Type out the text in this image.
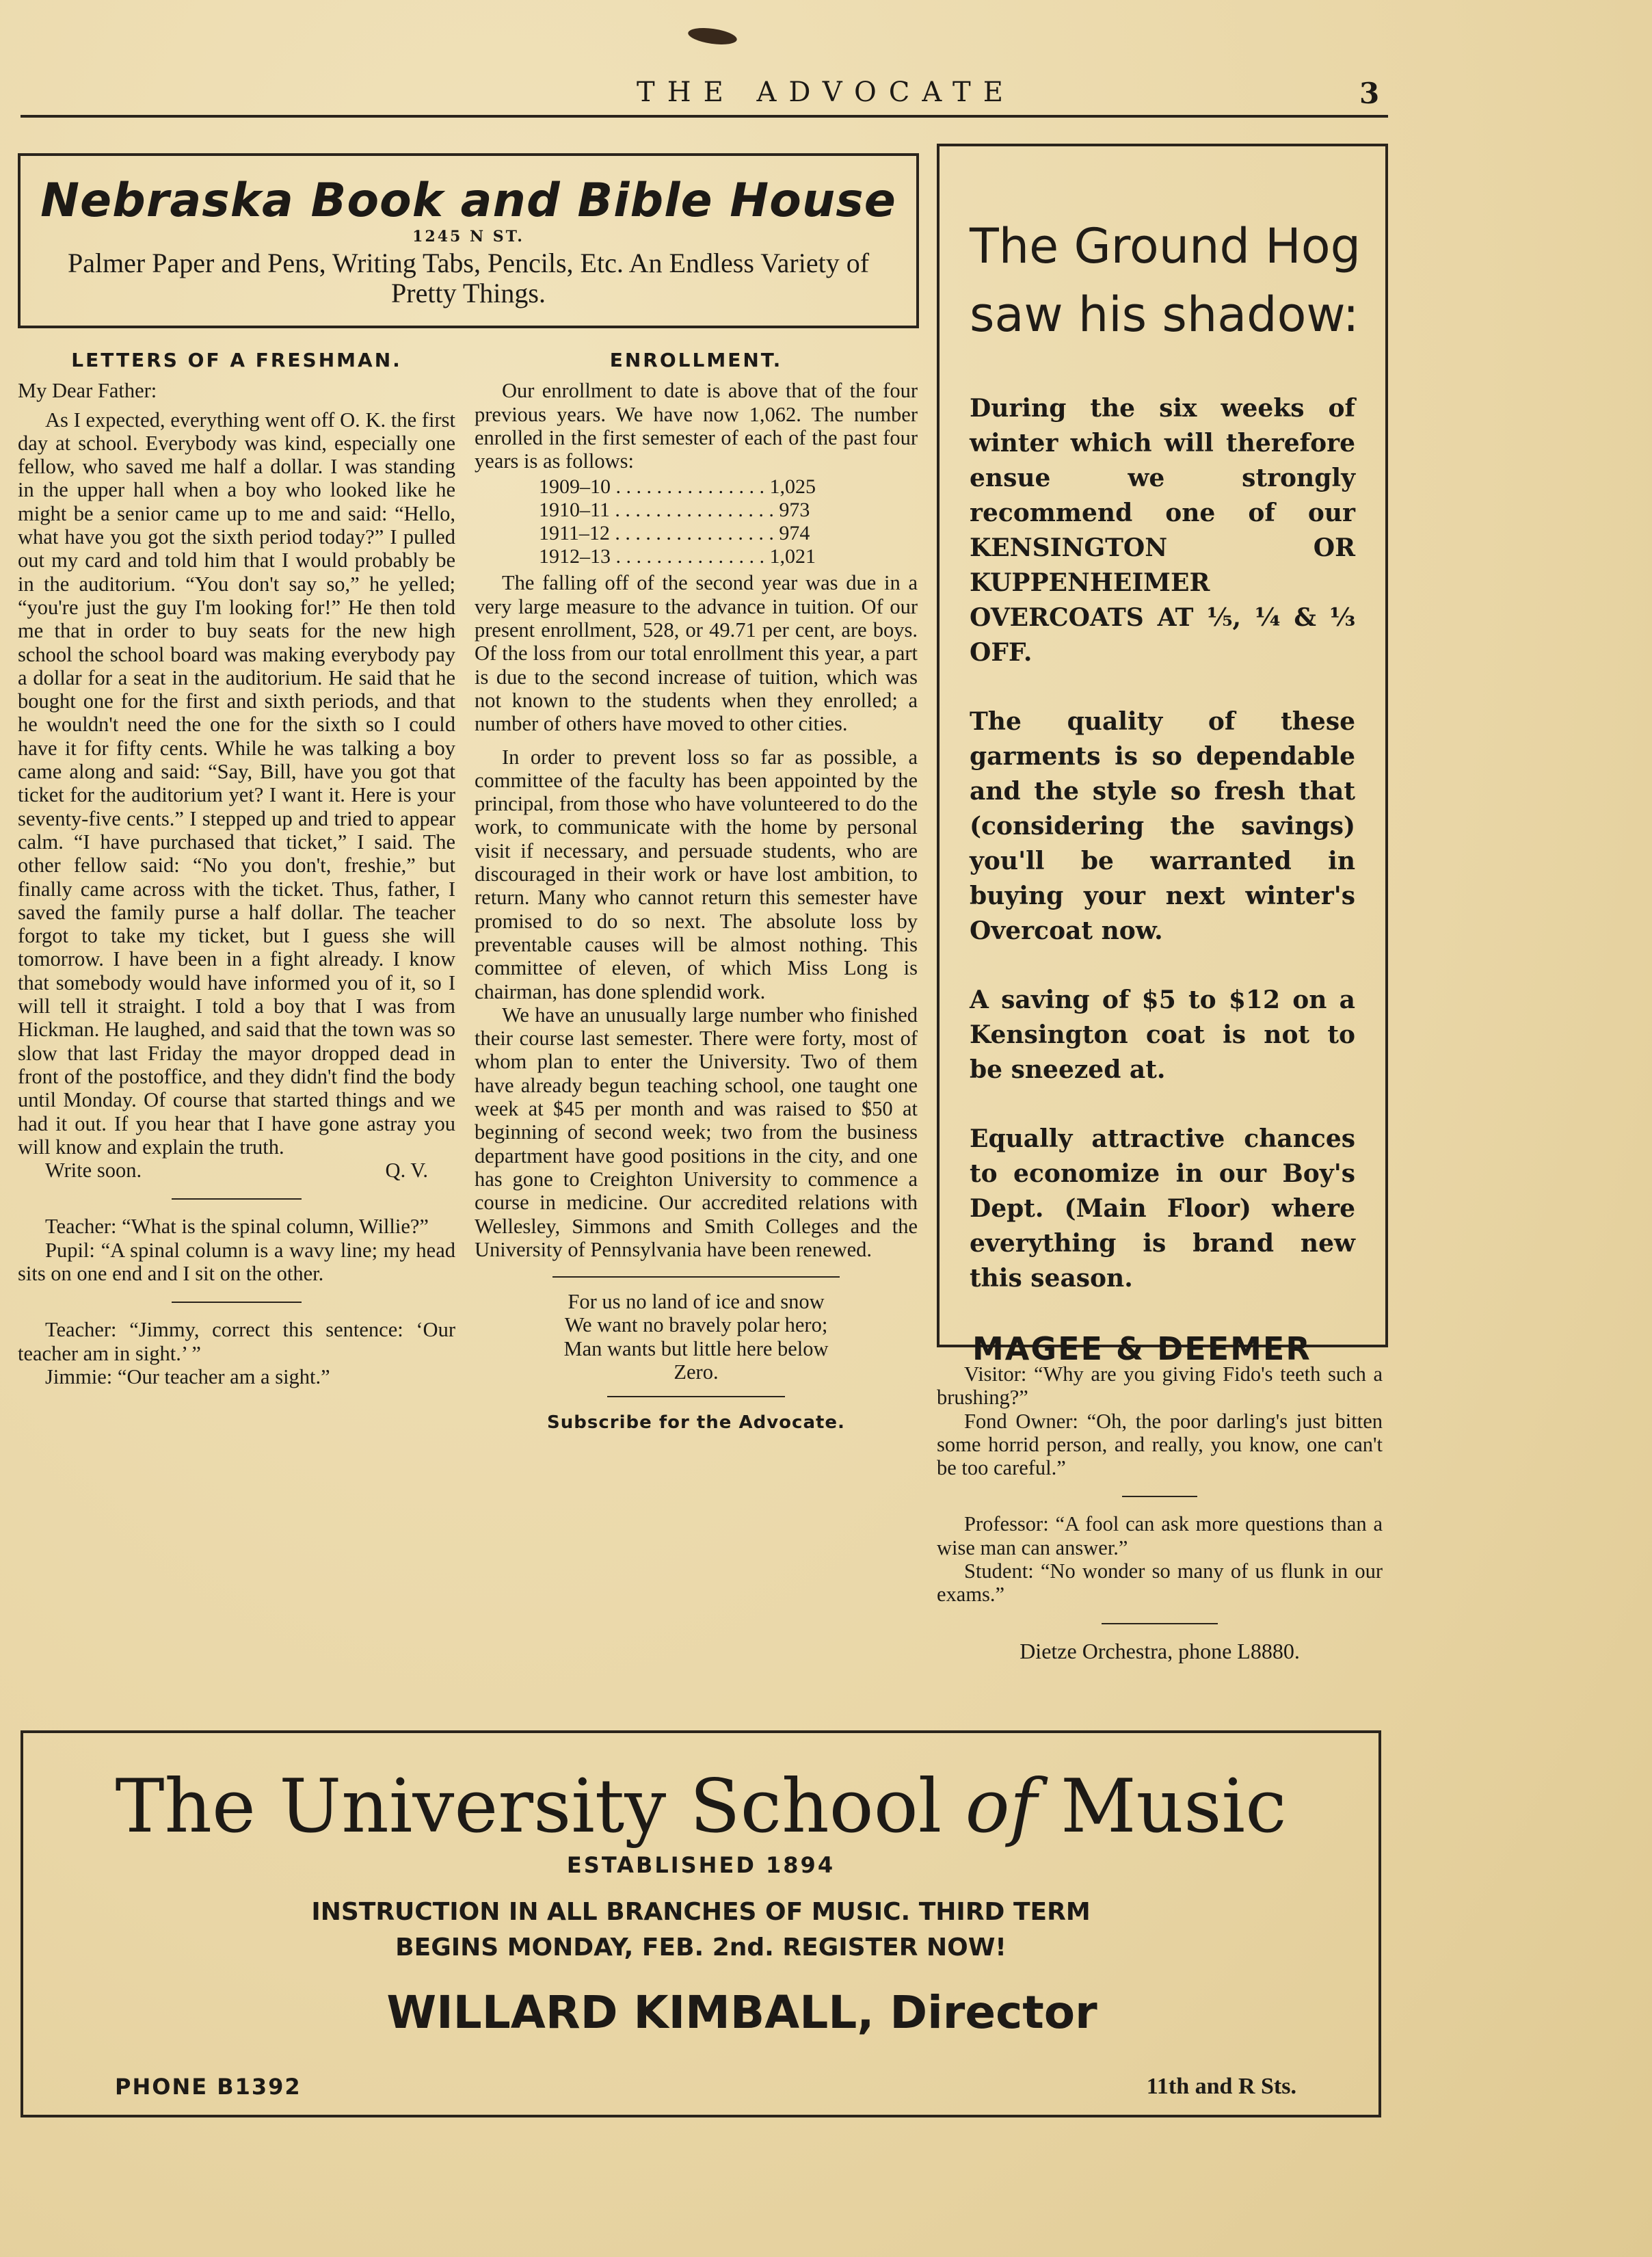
THE ADVOCATE	3
Nebraska Book and Bible House
1245 N ST.
Palmer Paper and Pens, Writing Tabs, Pencils, Etc. An Endless Variety of Pretty Things.
LETTERS OF A FRESHMAN.

My Dear Father:

As I expected, everything went off O. K. the first day at school. Everybody was kind, especially one fellow, who saved me half a dollar. I was standing in the upper hall when a boy who looked like he might be a senior came up to me and said: “Hello, what have you got the sixth period today?” I pulled out my card and told him that I would probably be in the auditorium. “You don't say so,” he yelled; “you're just the guy I'm looking for!” He then told me that in order to buy seats for the new high school the school board was making everybody pay a dollar for a seat in the auditorium. He said that he bought one for the first and sixth periods, and that he wouldn't need the one for the sixth so I could have it for fifty cents. While he was talking a boy came along and said: “Say, Bill, have you got that ticket for the auditorium yet? I want it. Here is your seventy-five cents.” I stepped up and tried to appear calm. “I have purchased that ticket,” I said. The other fellow said: “No you don't, freshie,” but finally came across with the ticket. Thus, father, I saved the family purse a half dollar. The teacher forgot to take my ticket, but I guess she will tomorrow. I have been in a fight already. I know that somebody would have informed you of it, so I will tell it straight. I told a boy that I was from Hickman. He laughed, and said that the town was so slow that last Friday the mayor dropped dead in front of the postoffice, and they didn't find the body until Monday. Of course that started things and we had it out. If you hear that I have gone astray you will know and explain the truth.

Write soon.	Q. V.

Teacher: “What is the spinal column, Willie?”

Pupil: “A spinal column is a wavy line; my head sits on one end and I sit on the other.

Teacher: “Jimmy, correct this sentence: ‘Our teacher am in sight.’ ”

Jimmie: “Our teacher am a sight.”

ENROLLMENT.

Our enrollment to date is above that of the four previous years. We have now 1,062. The number enrolled in the first semester of each of the past four years is as follows:

1909–10 . . . . . . . . . . . . . . . 1,025
1910–11 . . . . . . . . . . . . . . . . 973
1911–12 . . . . . . . . . . . . . . . . 974
1912–13 . . . . . . . . . . . . . . . 1,021

The falling off of the second year was due in a very large measure to the advance in tuition. Of our present enrollment, 528, or 49.71 per cent, are boys. Of the loss from our total enrollment this year, a part is due to the second increase of tuition, which was not known to the students when they enrolled; a number of others have moved to other cities.

In order to prevent loss so far as possible, a committee of the faculty has been appointed by the principal, from those who have volunteered to do the work, to communicate with the home by personal visit if necessary, and persuade students, who are discouraged in their work or have lost ambition, to return. Many who cannot return this semester have promised to do so next. The absolute loss by preventable causes will be almost nothing. This committee of eleven, of which Miss Long is chairman, has done splendid work.

We have an unusually large number who finished their course last semester. There were forty, most of whom plan to enter the University. Two of them have already begun teaching school, one taught one week at $45 per month and was raised to $50 at beginning of second week; two from the business department have good positions in the city, and one has gone to Creighton University to commence a course in medicine. Our accredited relations with Wellesley, Simmons and Smith Colleges and the University of Pennsylvania have been renewed.

For us no land of ice and snow
We want no bravely polar hero;
Man wants but little here below
Zero.
Subscribe for the Advocate.
The Ground Hog
saw his shadow:

During the six weeks of winter which will therefore ensue we strongly recommend one of our KENSINGTON OR KUPPENHEIMER OVERCOATS AT ⅕, ¼ & ⅓ OFF.

The quality of these garments is so dependable and the style so fresh that (considering the savings) you'll be warranted in buying your next winter's Overcoat now.

A saving of $5 to $12 on a Kensington coat is not to be sneezed at.

Equally attractive chances to economize in our Boy's Dept. (Main Floor) where everything is brand new this season.

MAGEE & DEEMER

Visitor: “Why are you giving Fido's teeth such a brushing?”

Fond Owner: “Oh, the poor darling's just bitten some horrid person, and really, you know, one can't be too careful.”

Professor: “A fool can ask more questions than a wise man can answer.”

Student: “No wonder so many of us flunk in our exams.”

Dietze Orchestra, phone L8880.
The University School of Music
ESTABLISHED 1894
INSTRUCTION IN ALL BRANCHES OF MUSIC. THIRD TERM
BEGINS MONDAY, FEB. 2nd. REGISTER NOW!
WILLARD KIMBALL, Director
PHONE B1392	11th and R Sts.
